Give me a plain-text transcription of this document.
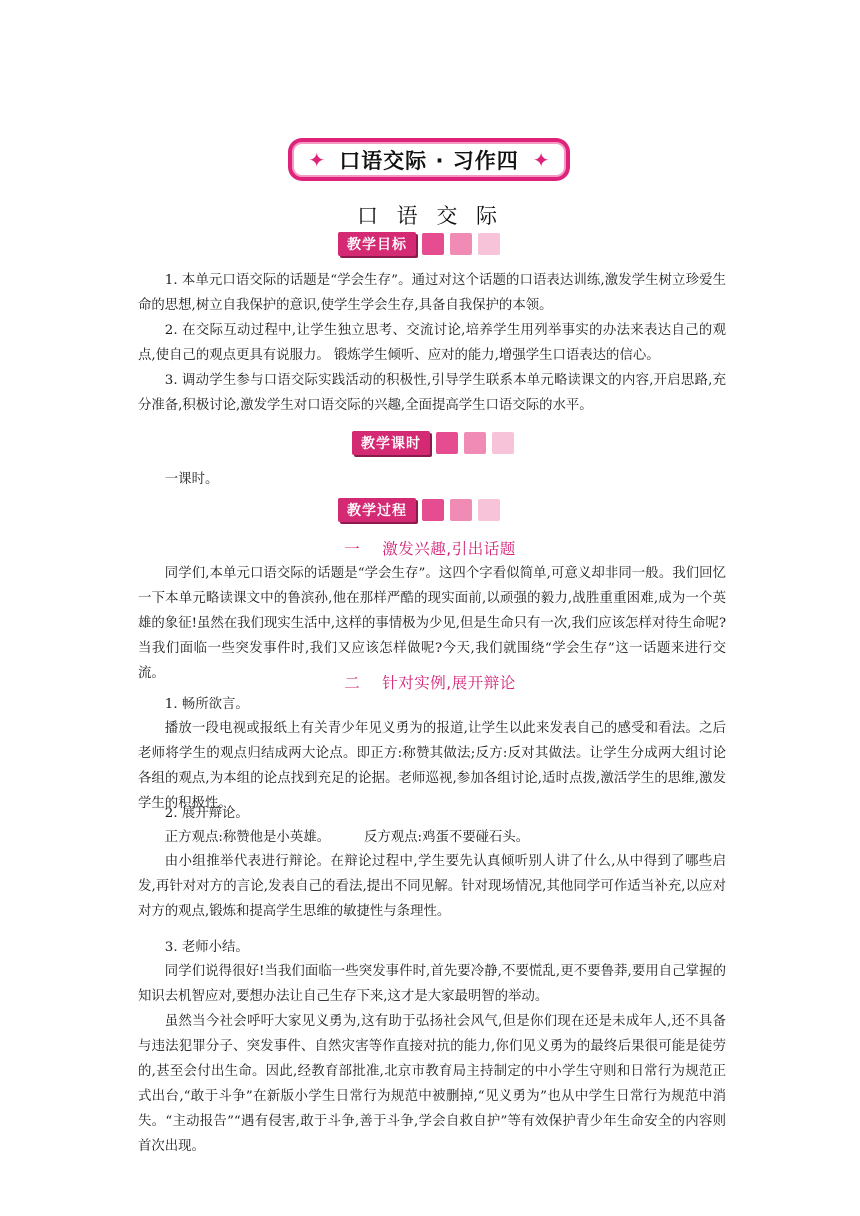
✦ 口语交际 · 习作四 ✦
口 语 交 际
教学目标

1. 本单元口语交际的话题是“学会生存”。通过对这个话题的口语表达训练,激发学生树立珍爱生命的思想,树立自我保护的意识,使学生学会生存,具备自我保护的本领。

2. 在交际互动过程中,让学生独立思考、交流讨论,培养学生用列举事实的办法来表达自己的观点,使自己的观点更具有说服力。 锻炼学生倾听、应对的能力,增强学生口语表达的信心。

3. 调动学生参与口语交际实践活动的积极性,引导学生联系本单元略读课文的内容,开启思路,充分准备,积极讨论,激发学生对口语交际的兴趣,全面提高学生口语交际的水平。

教学课时

一课时。

教学过程
一 激发兴趣,引出话题

同学们,本单元口语交际的话题是“学会生存”。这四个字看似简单,可意义却非同一般。我们回忆一下本单元略读课文中的鲁滨孙,他在那样严酷的现实面前,以顽强的毅力,战胜重重困难,成为一个英雄的象征!虽然在我们现实生活中,这样的事情极为少见,但是生命只有一次,我们应该怎样对待生命呢?当我们面临一些突发事件时,我们又应该怎样做呢?今天,我们就围绕“学会生存”这一话题来进行交流。

二 针对实例,展开辩论

1. 畅所欲言。

播放一段电视或报纸上有关青少年见义勇为的报道,让学生以此来发表自己的感受和看法。之后老师将学生的观点归结成两大论点。即正方:称赞其做法;反方:反对其做法。让学生分成两大组讨论各组的观点,为本组的论点找到充足的论据。老师巡视,参加各组讨论,适时点拨,激活学生的思维,激发学生的积极性。

2. 展开辩论。

正方观点:称赞他是小英雄。	反方观点:鸡蛋不要碰石头。

由小组推举代表进行辩论。在辩论过程中,学生要先认真倾听别人讲了什么,从中得到了哪些启发,再针对对方的言论,发表自己的看法,提出不同见解。针对现场情况,其他同学可作适当补充,以应对对方的观点,锻炼和提高学生思维的敏捷性与条理性。

3. 老师小结。

同学们说得很好!当我们面临一些突发事件时,首先要冷静,不要慌乱,更不要鲁莽,要用自己掌握的知识去机智应对,要想办法让自己生存下来,这才是大家最明智的举动。

虽然当今社会呼吁大家见义勇为,这有助于弘扬社会风气,但是你们现在还是未成年人,还不具备与违法犯罪分子、突发事件、自然灾害等作直接对抗的能力,你们见义勇为的最终后果很可能是徒劳的,甚至会付出生命。因此,经教育部批准,北京市教育局主持制定的中小学生守则和日常行为规范正式出台,“敢于斗争”在新版小学生日常行为规范中被删掉,“见义勇为”也从中学生日常行为规范中消失。“主动报告”“遇有侵害,敢于斗争,善于斗争,学会自救自护”等有效保护青少年生命安全的内容则首次出现。
